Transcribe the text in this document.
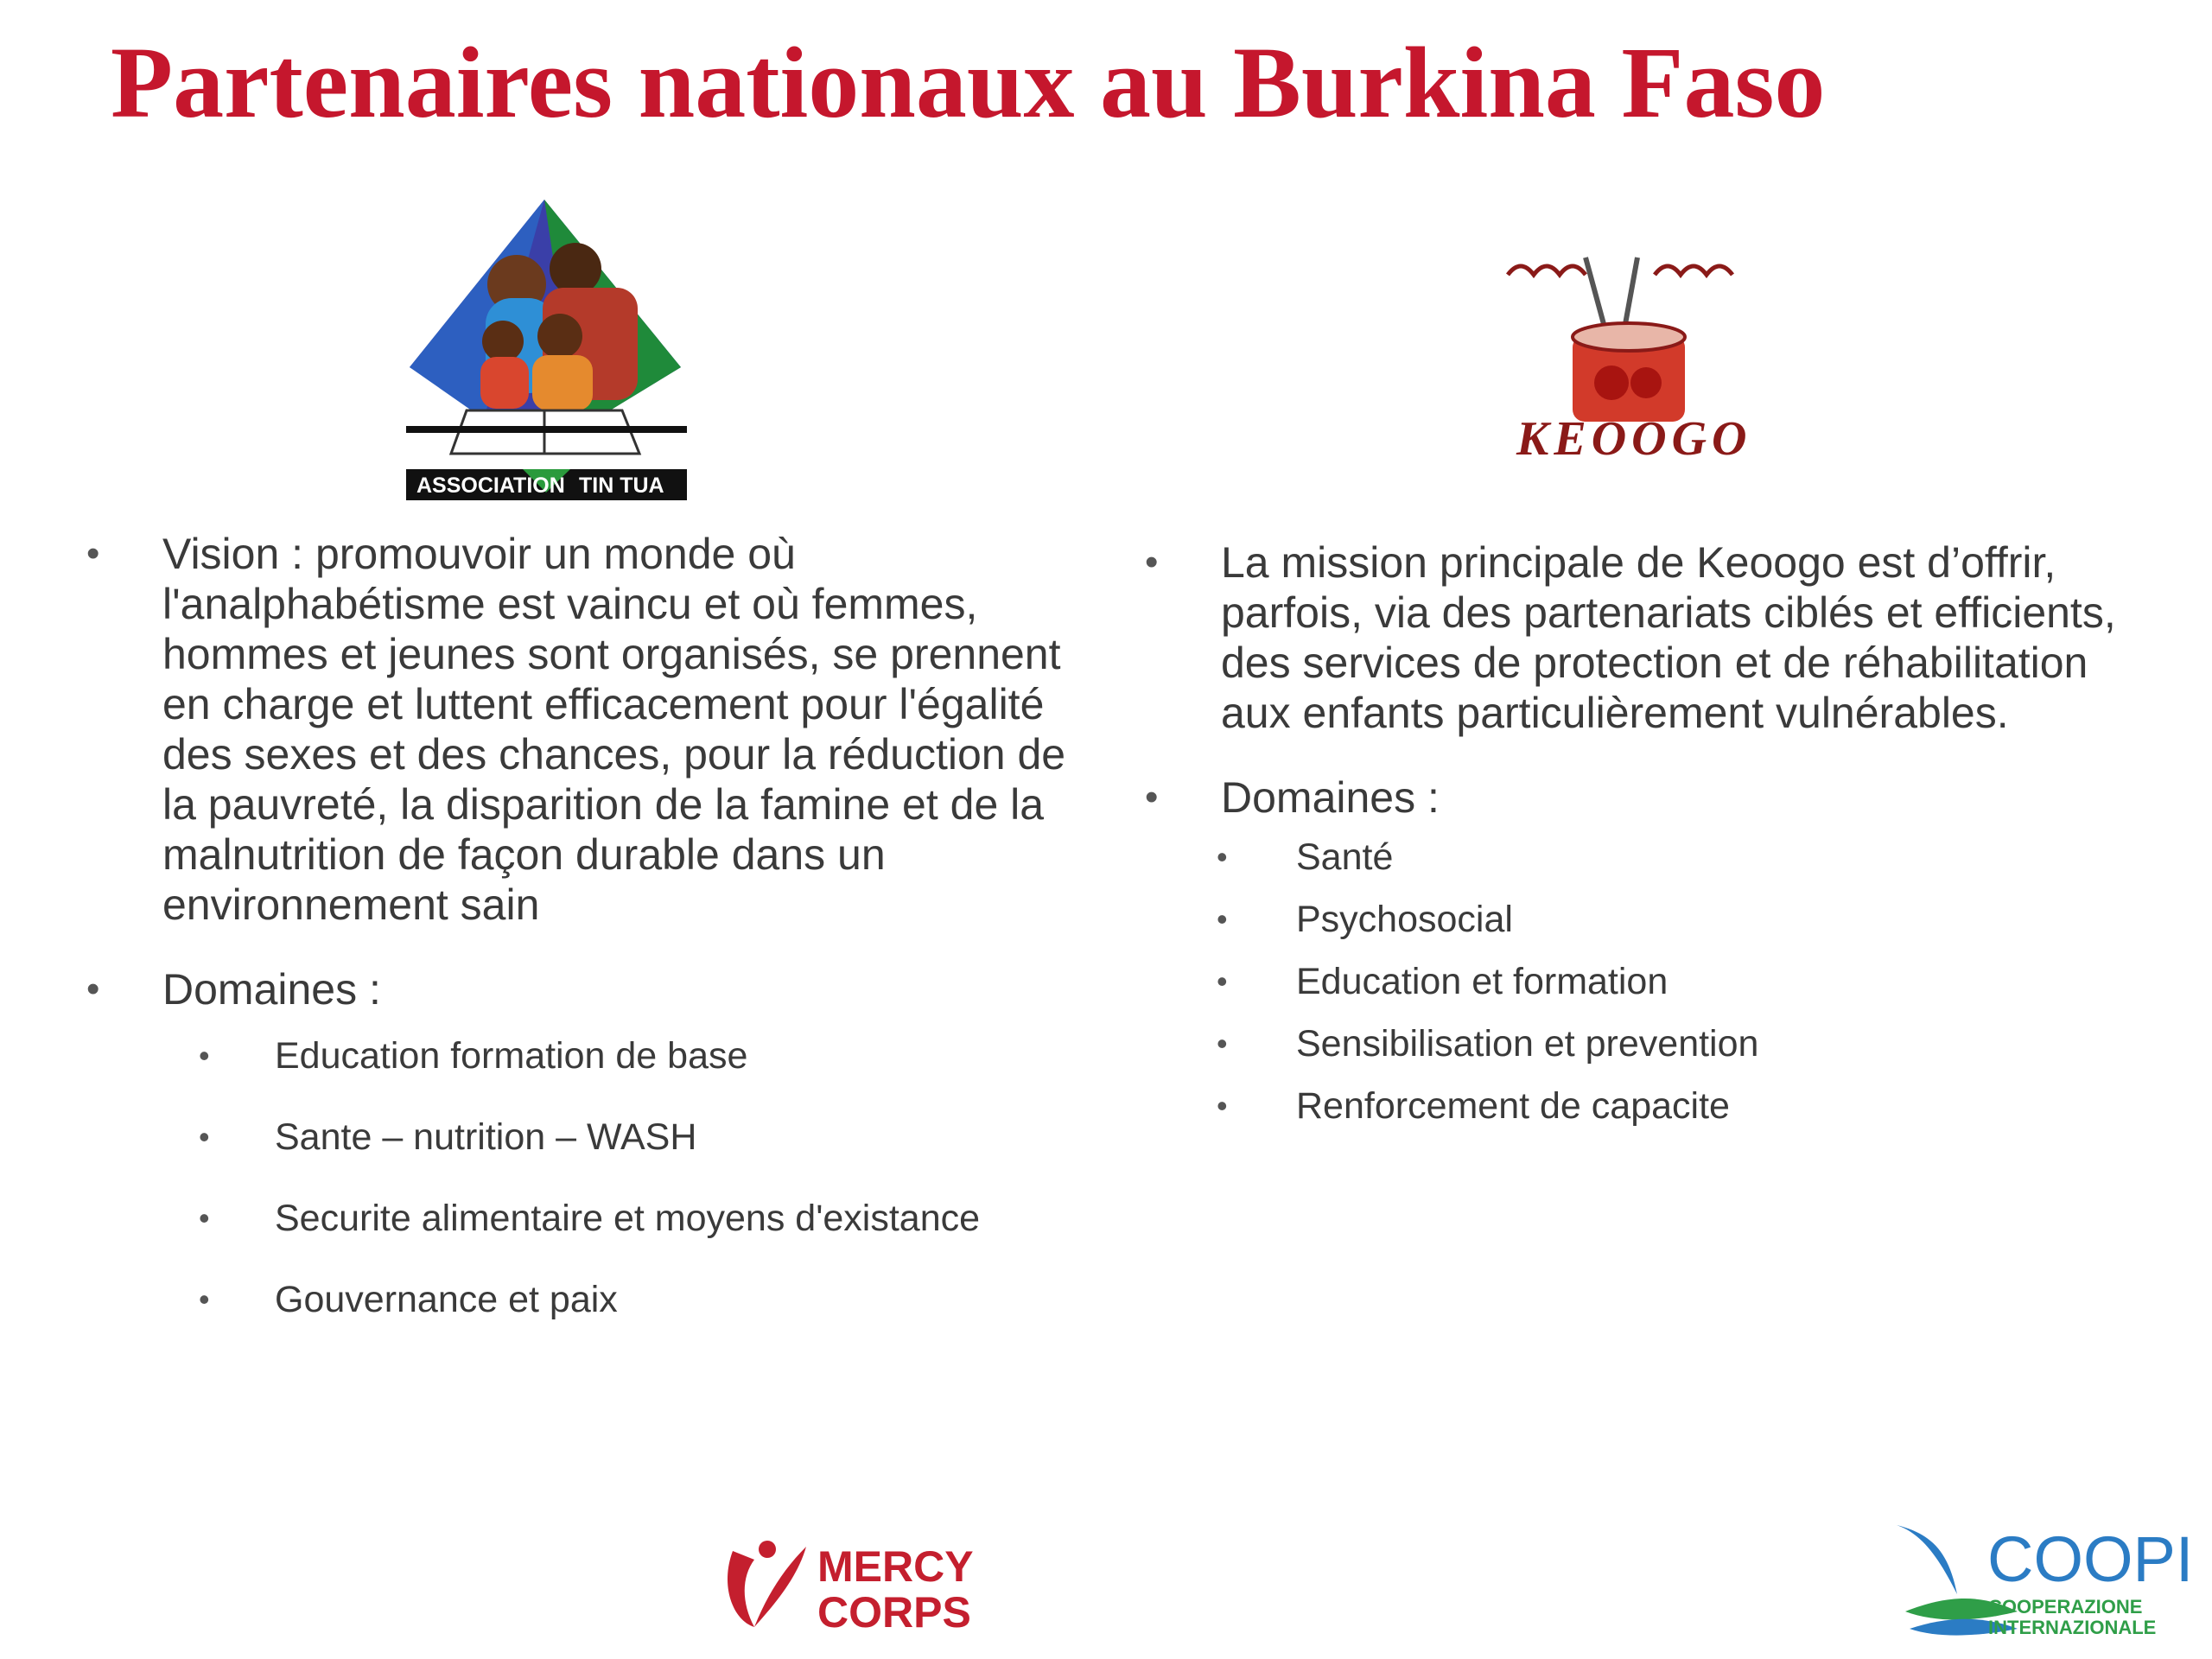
Partenaires nationaux au Burkina Faso
ASSOCIATION TIN TUA
KEOOGO
• Vision : promouvoir un monde où l'analphabétisme est vaincu et où femmes, hommes et jeunes sont organisés, se prennent en charge et luttent efficacement pour l'égalité des sexes et des chances, pour la réduction de la pauvreté, la disparition de la famine et de la malnutrition de façon durable dans un environnement sain
• Domaines :
• Education formation de base
• Sante – nutrition – WASH
• Securite alimentaire et moyens d'existance
• Gouvernance et paix
• La mission principale de Keoogo est d’offrir, parfois, via des partenariats ciblés et efficients, des services de protection et de réhabilitation aux enfants particulièrement vulnérables.
• Domaines :
• Santé
• Psychosocial
• Education et formation
• Sensibilisation et prevention
• Renforcement de capacite
MERCY
CORPS
COOPI
COOPERAZIONE
INTERNAZIONALE
